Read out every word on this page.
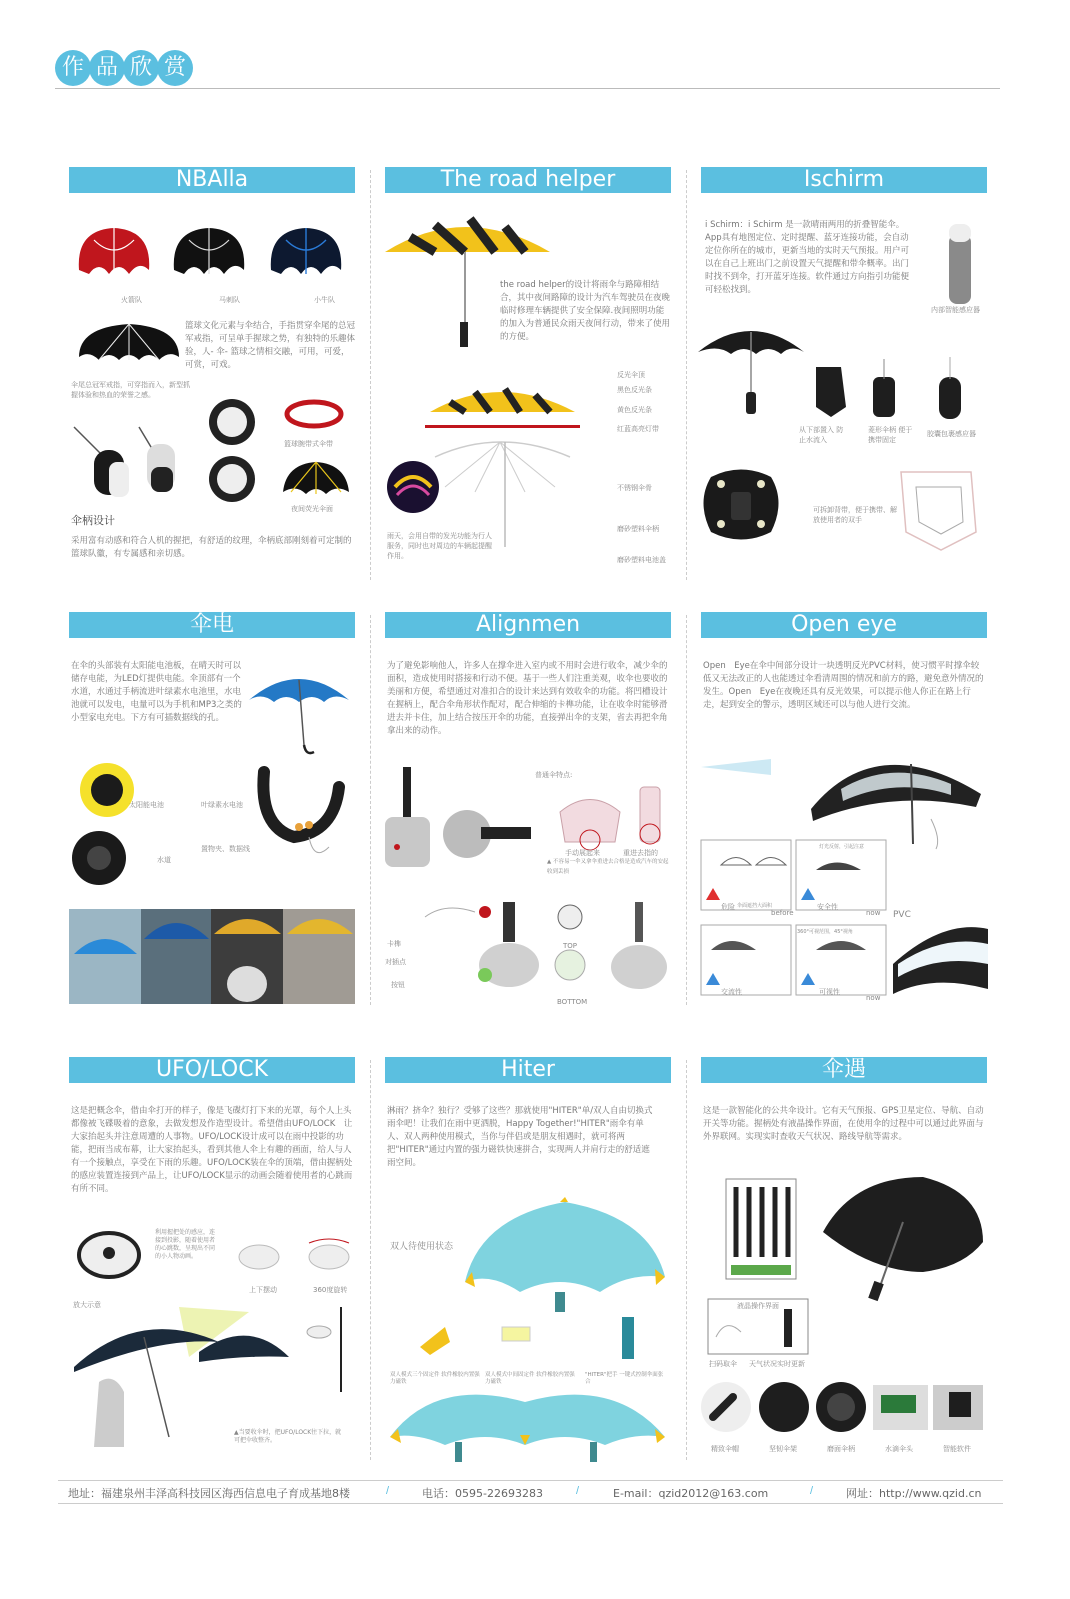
作 品 欣 赏
NBAlla
火箭队	马刺队	小牛队
篮球文化元素与伞结合，手指贯穿伞尾的总冠军戒指，可呈单手握球之势，有独特的乐趣体验，人- 伞- 篮球之情相交融，可用，可爱，可赏，可戏。
伞尾总冠军戒指，可穿指而入，新型抓握体验和热血的荣誉之感。
篮球腕带式伞带
夜间荧光伞面
伞柄设计
采用富有动感和符合人机的握把，有舒适的纹理，伞柄底部刚刻着可定制的篮球队徽，有专属感和亲切感。
The road helper
the road helper的设计将雨伞与路障相结合，其中夜间路障的设计为汽车驾驶员在夜晚临时修理车辆提供了安全保障.夜间照明功能的加入为普通民众雨天夜间行动，带来了使用的方便。
反光伞顶
黑色反光条
黄色反光条
红蓝高亮灯带
不锈钢伞骨
磨砂塑料伞柄
磨砂塑料电池盖
雨天，会用自带的发光功能为行人服务，同时也对周边的车辆起提醒作用。
Ischirm
i Schirm：i Schirm 是一款晴雨两用的折叠智能伞。App具有地图定位、定时提醒、蓝牙连接功能，会自动定位你所在的城市，更新当地的实时天气预报。用户可以在自己上班出门之前设置天气提醒和带伞概率。出门时找不到伞，打开蓝牙连接。软件通过方向指引功能便可轻松找到。
内部智能感应器
从下部置入 防止水流入
菱形伞柄 便于携带固定
胶囊包裹感应器
可拆卸背带，便于携带、解放使用者的双手
伞电
在伞的头部装有太阳能电池板，在晴天时可以储存电能，为LED灯提供电能。伞顶部有一个水道，水通过手柄流进叶绿素水电池里，水电池就可以发电，电量可以为手机和MP3之类的小型家电充电。下方有可插数据线的孔。
太阳能电池	叶绿素水电池
水道
置物夹、数据线
Alignmen
为了避免影响他人，许多人在撑伞进入室内或不用时会进行收伞，减少伞的面积，造成使用时搭接和行动不便。基于一些人们注重美观，收伞也要收的美丽和方便，希望通过对准扣合的设计来达到有效收伞的功能。将凹槽设计在握柄上，配合伞角形状作配对，配合伸缩的卡榫功能，让在收伞时能够滑进去并卡住，加上结合按压开伞的功能，直接弹出伞的支架，省去再把伞角拿出来的动作。
普通伞特点:
手动展起来	重进去指的
▲ 不容易一伞又拿伞重进去合格是造成汽车的安起收到丢损
卡榫
对插点
按钮
TOP
BOTTOM
Open eye
Open　Eye在伞中间部分设计一块透明反光PVC材料，使习惯平时撑伞较低又无法改正的人也能透过伞看清周围的情况和前方的路，避免意外情况的发生。Open　Eye在夜晚还具有反光效果，可以提示他人你正在路上行走，起到安全的警示，透明区域还可以与他人进行交流。
危险 伞面遮挡大面积	安全性
灯光反射，引起注意
before	now
交流性	可视性
360°可视范围，45°视角
now
PVC
UFO/LOCK
这是把概念伞，借由伞打开的样子，像是飞碟灯打下来的光罩，每个人上头都像被飞碟吸着的意象，去做发想及作造型设计。希望借由UFO/LOCK　让大家抬起头并注意周遭的人事物。UFO/LOCK设计成可以在雨中投影的功能，把雨当成布幕，让大家抬起头，看到其他人伞上有趣的画面，给人与人有一个接触点，享受在下雨的乐趣。UFO/LOCK装在伞的顶端，借由握柄处的感应装置连接到产品上，让UFO/LOCK显示的动画会随着使用者的心跳而有所不同。
利用握把处的感应，连接到投影，随着使用者的心跳数，呈现出不同的小人物动画。
上下摆动	360度旋转
放大示意
▲当要收伞时，把UFO/LOCK往下拉，就可把伞收整齐。
Hiter
淋雨？挤伞？独行？受够了这些？那就使用"HITER"单/双人自由切换式雨伞吧！让我们在雨中更洒脱，Happy Together!"HITER"雨伞有单人、双人两种使用模式，当你与伴侣或是朋友相遇时，就可将两把"HITER"通过内置的强力磁铁快速拼合，实现两人并肩行走的舒适遮雨空间。
双人待使用状态
双人模式三个固定件 软件橡胶内置强力磁铁
双人模式中间固定件 软件橡胶内置强力磁铁
"HITER"把手 一键式控制伞面张合
伞遇
这是一款智能化的公共伞设计。它有天气预报、GPS卫星定位、导航、自动开关等功能。握柄处有液晶操作界面，在使用伞的过程中可以通过此界面与外界联网。实现实时查收天气状况、路线导航等需求。
液晶操作界面
扫码取伞 天气状况实时更新
精致伞帽	坚韧伞架	磨面伞柄	水滴伞头	智能软件
地址：福建泉州丰泽高科技园区海西信息电子育成基地8楼	/	电话：0595-22693283	/	E-mail：qzid2012@163.com	/	网址：http://www.qzid.cn
